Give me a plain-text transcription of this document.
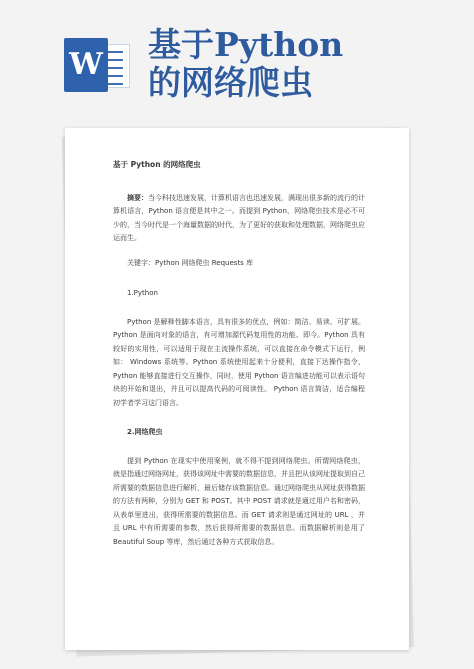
W
基于Python
的网络爬虫
基于 Python 的网络爬虫

摘要：当今科技迅速发展，计算机语言也迅速发展，满现出很多新的流行的计算机语言，Python 语言便是其中之一。而提到 Python，网络爬虫技术是必不可少的，当今时代是一个海量数据的时代，为了更好的获取和处理数据，网络爬虫应运而生。

关键字：Python 网络爬虫 Requests 库
1.Python

Python 是解释性脚本语言，具有很多的优点，例如：简洁、易读、可扩展。 Python 是面向对象的语言，有可增加源代码复用性的功能、即今。Python 具有较好的实用性，可以适用于现在主流操作系统，可以直接在命令模式下运行，例如： Windows 系统等。Python 系统使用起来十分便利，直接下达操作指令， Python 能够直接进行交互操作，同时，使用 Python 语言编进功能可以表示语句块的开始和退出，并且可以提高代码的可阅读性。 Python 语言简洁，适合编程初学者学习这门语言。

2.网络爬虫

提到 Python 在现实中使用案例，就不得不提到网络爬虫。所谓网络爬虫，就是指通过网络网址，获得该网址中需要的数据信息，并且把从该网址提取到自己所需要的数据信息进行解析，最后储存该数据信息。通过网络爬虫从网址获得数据的方法有两种，分别为 GET 和 POST。其中 POST 请求就是通过用户名和密码，从表单里进出，获得所需要的数据信息。而 GET 请求则是通过网址的 URL ，并且 URL 中有所需要的参数，然后获得所需要的数据信息。而数据解析则是用了 Beautiful Soup 等库，然后通过各种方式获取信息。
